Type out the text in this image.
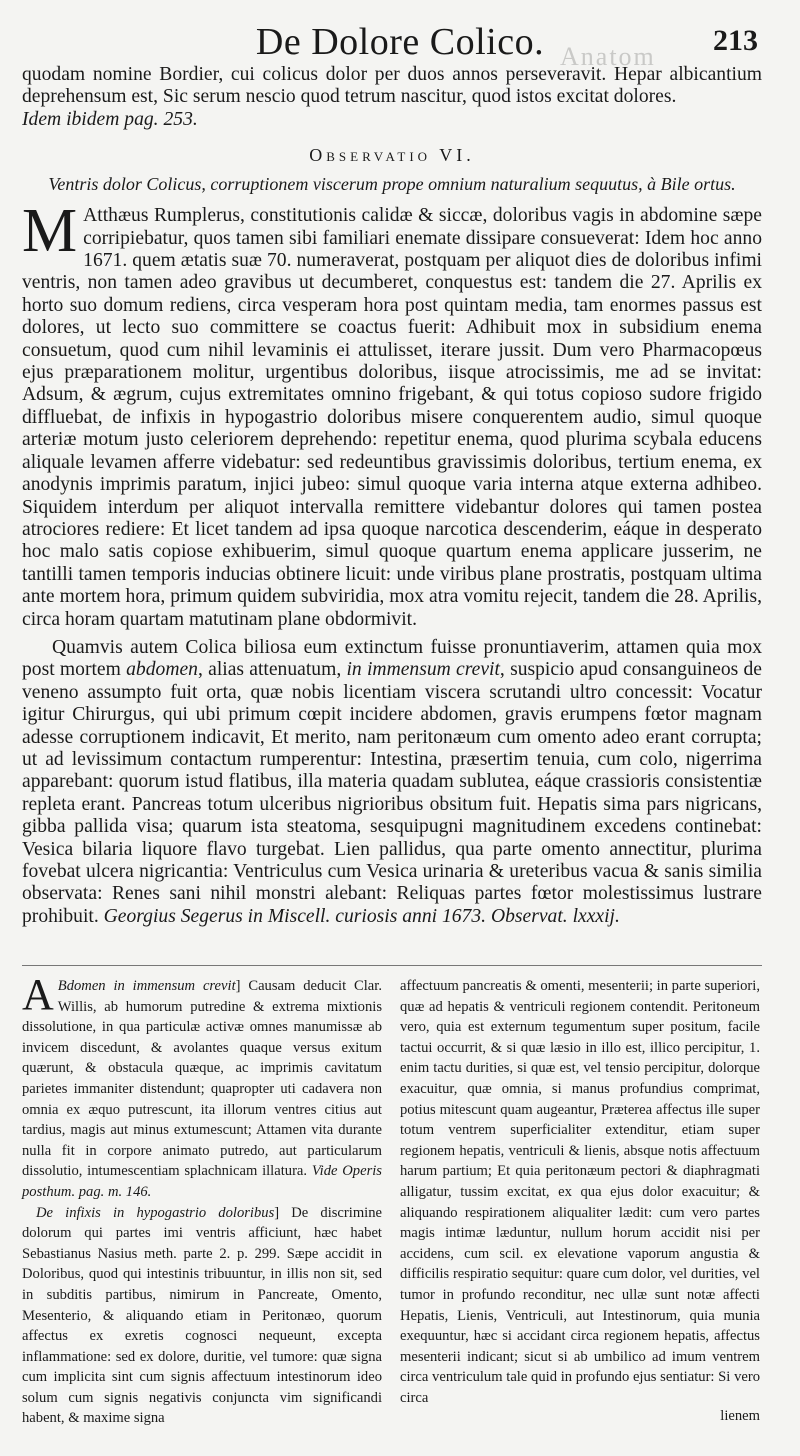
Anatom
De Dolore Colico.	213

quodam nomine Bordier, cui colicus dolor per duos annos perseveravit. Hepar albicantium deprehensum est, Sic serum nescio quod tetrum nascitur, quod istos excitat dolores.
Idem ibidem pag. 253.

Observatio VI.
Ventris dolor Colicus, corruptionem viscerum prope omnium naturalium sequutus, à Bile ortus.

M Atthæus Rumplerus, constitutionis calidæ & siccæ, doloribus vagis in abdomine sæpe corripiebatur, quos tamen sibi familiari enemate dissipare consueverat: Idem hoc anno 1671. quem ætatis suæ 70. numeraverat, postquam per aliquot dies de doloribus infimi ventris, non tamen adeo gravibus ut decumberet, conquestus est: tandem die 27. Aprilis ex horto suo domum rediens, circa vesperam hora post quintam media, tam enormes passus est dolores, ut lecto suo committere se coactus fuerit: Adhibuit mox in subsidium enema consuetum, quod cum nihil levaminis ei attulisset, iterare jussit. Dum vero Pharmacopœus ejus præparationem molitur, urgentibus doloribus, iisque atrocissimis, me ad se invitat: Adsum, & ægrum, cujus extremitates omnino frigebant, & qui totus copioso sudore frigido diffluebat, de infixis in hypogastrio doloribus misere conquerentem audio, simul quoque arteriæ motum justo celeriorem deprehendo: repetitur enema, quod plurima scybala educens aliquale levamen afferre videbatur: sed redeuntibus gravissimis doloribus, tertium enema, ex anodynis imprimis paratum, injici jubeo: simul quoque varia interna atque externa adhibeo. Siquidem interdum per aliquot intervalla remittere videbantur dolores qui tamen postea atrociores rediere: Et licet tandem ad ipsa quoque narcotica descenderim, eáque in desperato hoc malo satis copiose exhibuerim, simul quoque quartum enema applicare jusserim, ne tantilli tamen temporis inducias obtinere licuit: unde viribus plane prostratis, postquam ultima ante mortem hora, primum quidem subviridia, mox atra vomitu rejecit, tandem die 28. Aprilis, circa horam quartam matutinam plane obdormivit.

Quamvis autem Colica biliosa eum extinctum fuisse pronuntiaverim, attamen quia mox post mortem abdomen, alias attenuatum, in immensum crevit, suspicio apud consanguineos de veneno assumpto fuit orta, quæ nobis licentiam viscera scrutandi ultro concessit: Vocatur igitur Chirurgus, qui ubi primum cœpit incidere abdomen, gravis erumpens fœtor magnam adesse corruptionem indicavit, Et merito, nam peritonæum cum omento adeo erant corrupta; ut ad levissimum contactum rumperentur: Intestina, præsertim tenuia, cum colo, nigerrima apparebant: quorum istud flatibus, illa materia quadam sublutea, eáque crassioris consistentiæ repleta erant. Pancreas totum ulceribus nigrioribus obsitum fuit. Hepatis sima pars nigricans, gibba pallida visa; quarum ista steatoma, sesquipugni magnitudinem excedens continebat: Vesica bilaria liquore flavo turgebat. Lien pallidus, qua parte omento annectitur, plurima fovebat ulcera nigricantia: Ventriculus cum Vesica urinaria & ureteribus vacua & sanis similia observata: Renes sani nihil monstri alebant: Reliquas partes fœtor molestissimus lustrare prohibuit. Georgius Segerus in Miscell. curiosis anni 1673. Observat. lxxxij.

A Bdomen in immensum crevit] Causam deducit Clar. Willis, ab humorum putredine & extrema mixtionis dissolutione, in qua particulæ activæ omnes manumissæ ab invicem discedunt, & avolantes quaque versus exitum quærunt, & obstacula quæque, ac imprimis cavitatum parietes immaniter distendunt; quapropter uti cadavera non omnia ex æquo putrescunt, ita illorum ventres citius aut tardius, magis aut minus extumescunt; Attamen vita durante nulla fit in corpore animato putredo, aut particularum dissolutio, intumescentiam splachnicam illatura. Vide Operis posthum. pag. m. 146.

De infixis in hypogastrio doloribus] De discrimine dolorum qui partes imi ventris afficiunt, hæc habet Sebastianus Nasius meth. parte 2. p. 299. Sæpe accidit in Doloribus, quod qui intestinis tribuuntur, in illis non sit, sed in subditis partibus, nimirum in Pancreate, Omento, Mesenterio, & aliquando etiam in Peritonæo, quorum affectus ex exretis cognosci nequeunt, excepta inflammatione: sed ex dolore, duritie, vel tumore: quæ signa cum implicita sint cum signis affectuum intestinorum ideo solum cum signis negativis conjuncta vim significandi habent, & maxime signa

affectuum pancreatis & omenti, mesenterii; in parte superiori, quæ ad hepatis & ventriculi regionem contendit. Peritoneum vero, quia est externum tegumentum super positum, facile tactui occurrit, & si quæ læsio in illo est, illico percipitur, 1. enim tactu durities, si quæ est, vel tensio percipitur, dolorque exacuitur, quæ omnia, si manus profundius comprimat, potius mitescunt quam augeantur, Præterea affectus ille super totum ventrem superficialiter extenditur, etiam super regionem hepatis, ventriculi & lienis, absque notis affectuum harum partium; Et quia peritonæum pectori & diaphragmati alligatur, tussim excitat, ex qua ejus dolor exacuitur; & aliquando respirationem aliqualiter lædit: cum vero partes magis intimæ læduntur, nullum horum accidit nisi per accidens, cum scil. ex elevatione vaporum angustia & difficilis respiratio sequitur: quare cum dolor, vel durities, vel tumor in profundo reconditur, nec ullæ sunt notæ affecti Hepatis, Lienis, Ventriculi, aut Intestinorum, quia munia exequuntur, hæc si accidant circa regionem hepatis, affectus mesenterii indicant; sicut si ab umbilico ad imum ventrem circa ventriculum tale quid in profundo ejus sentiatur: Si vero circa

lienem
